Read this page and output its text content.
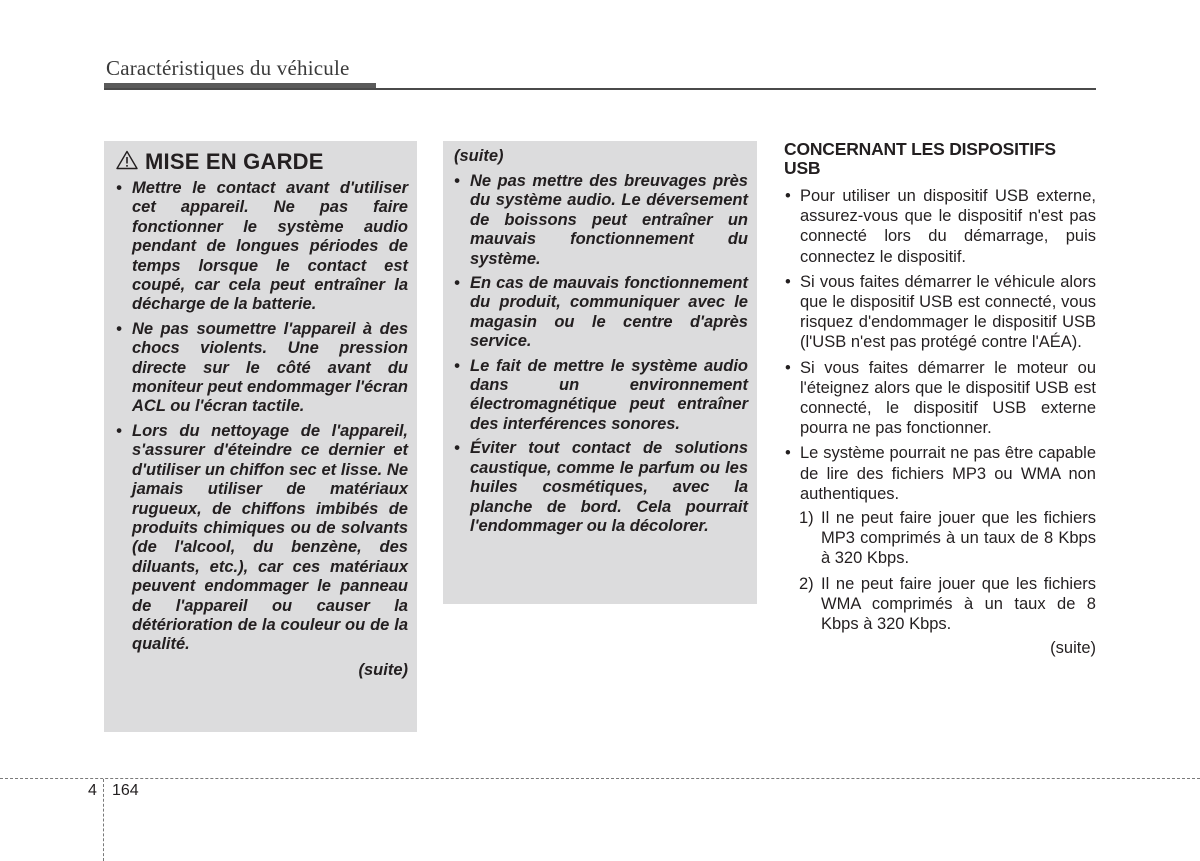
Caractéristiques du véhicule
MISE EN GARDE
• Mettre le contact avant d'utiliser cet appareil. Ne pas faire fonctionner le système audio pendant de longues périodes de temps lorsque le contact est coupé, car cela peut entraîner la décharge de la batterie.
• Ne pas soumettre l'appareil à des chocs violents. Une pression directe sur le côté avant du moniteur peut endommager l'écran ACL ou l'écran tactile.
• Lors du nettoyage de l'appareil, s'assurer d'éteindre ce dernier et d'utiliser un chiffon sec et lisse. Ne jamais utiliser de matériaux rugueux, de chiffons imbibés de produits chimiques ou de solvants (de l'alcool, du benzène, des diluants, etc.), car ces matériaux peuvent endommager le panneau de l'appareil ou causer la détérioration de la couleur ou de la qualité.
(suite)
(suite)
• Ne pas mettre des breuvages près du système audio. Le déversement de boissons peut entraîner un mauvais fonctionnement du système.
• En cas de mauvais fonctionnement du produit, communiquer avec le magasin ou le centre d'après service.
• Le fait de mettre le système audio dans un environnement électromagnétique peut entraîner des interférences sonores.
• Éviter tout contact de solutions caustique, comme le parfum ou les huiles cosmétiques, avec la planche de bord. Cela pourrait l'endommager ou la décolorer.
CONCERNANT LES DISPOSITIFS USB
• Pour utiliser un dispositif USB externe, assurez-vous que le dispositif n'est pas connecté lors du démarrage, puis connectez le dispositif.
• Si vous faites démarrer le véhicule alors que le dispositif USB est connecté, vous risquez d'endommager le dispositif USB (l'USB n'est pas protégé contre l'AÉA).
• Si vous faites démarrer le moteur ou l'éteignez alors que le dispositif USB est connecté, le dispositif USB externe pourra ne pas fonctionner.
• Le système pourrait ne pas être capable de lire des fichiers MP3 ou WMA non authentiques.
1) Il ne peut faire jouer que les fichiers MP3 comprimés à un taux de 8 Kbps à 320 Kbps.
2) Il ne peut faire jouer que les fichiers WMA comprimés à un taux de 8 Kbps à 320 Kbps.
(suite)
4 164
